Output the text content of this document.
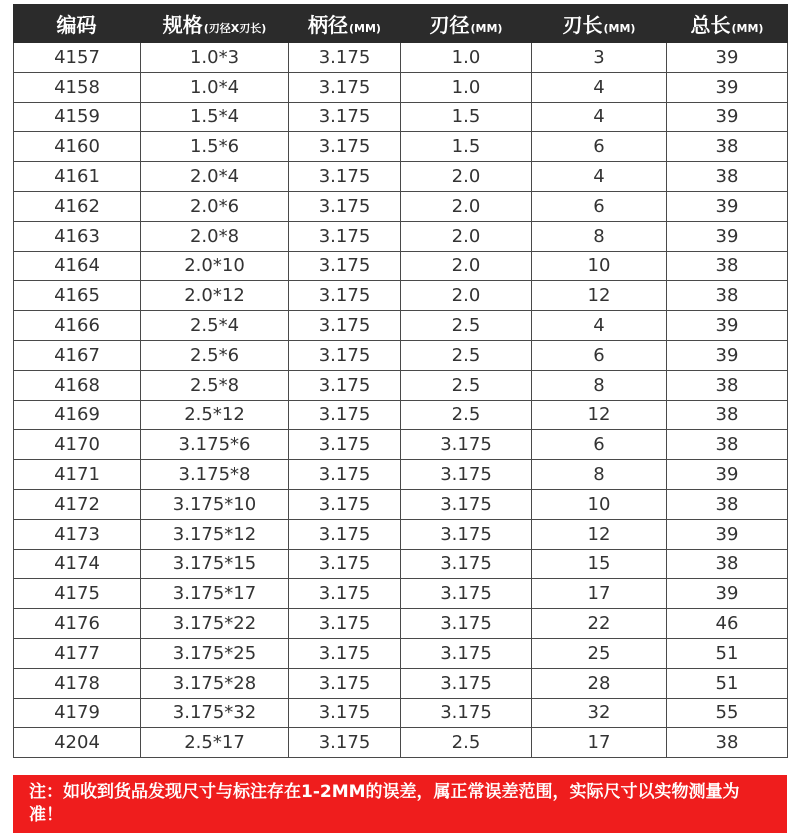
编码	规格(刃径X刃长)	柄径(MM)	刃径(MM)	刃长(MM)	总长(MM)
4157	1.0*3	3.175	1.0	3	39
4158	1.0*4	3.175	1.0	4	39
4159	1.5*4	3.175	1.5	4	39
4160	1.5*6	3.175	1.5	6	38
4161	2.0*4	3.175	2.0	4	38
4162	2.0*6	3.175	2.0	6	39
4163	2.0*8	3.175	2.0	8	39
4164	2.0*10	3.175	2.0	10	38
4165	2.0*12	3.175	2.0	12	38
4166	2.5*4	3.175	2.5	4	39
4167	2.5*6	3.175	2.5	6	39
4168	2.5*8	3.175	2.5	8	38
4169	2.5*12	3.175	2.5	12	38
4170	3.175*6	3.175	3.175	6	38
4171	3.175*8	3.175	3.175	8	39
4172	3.175*10	3.175	3.175	10	38
4173	3.175*12	3.175	3.175	12	39
4174	3.175*15	3.175	3.175	15	38
4175	3.175*17	3.175	3.175	17	39
4176	3.175*22	3.175	3.175	22	46
4177	3.175*25	3.175	3.175	25	51
4178	3.175*28	3.175	3.175	28	51
4179	3.175*32	3.175	3.175	32	55
4204	2.5*17	3.175	2.5	17	38
注：如收到货品发现尺寸与标注存在1-2MM的误差，属正常误差范围，实际尺寸以实物测量为准！
